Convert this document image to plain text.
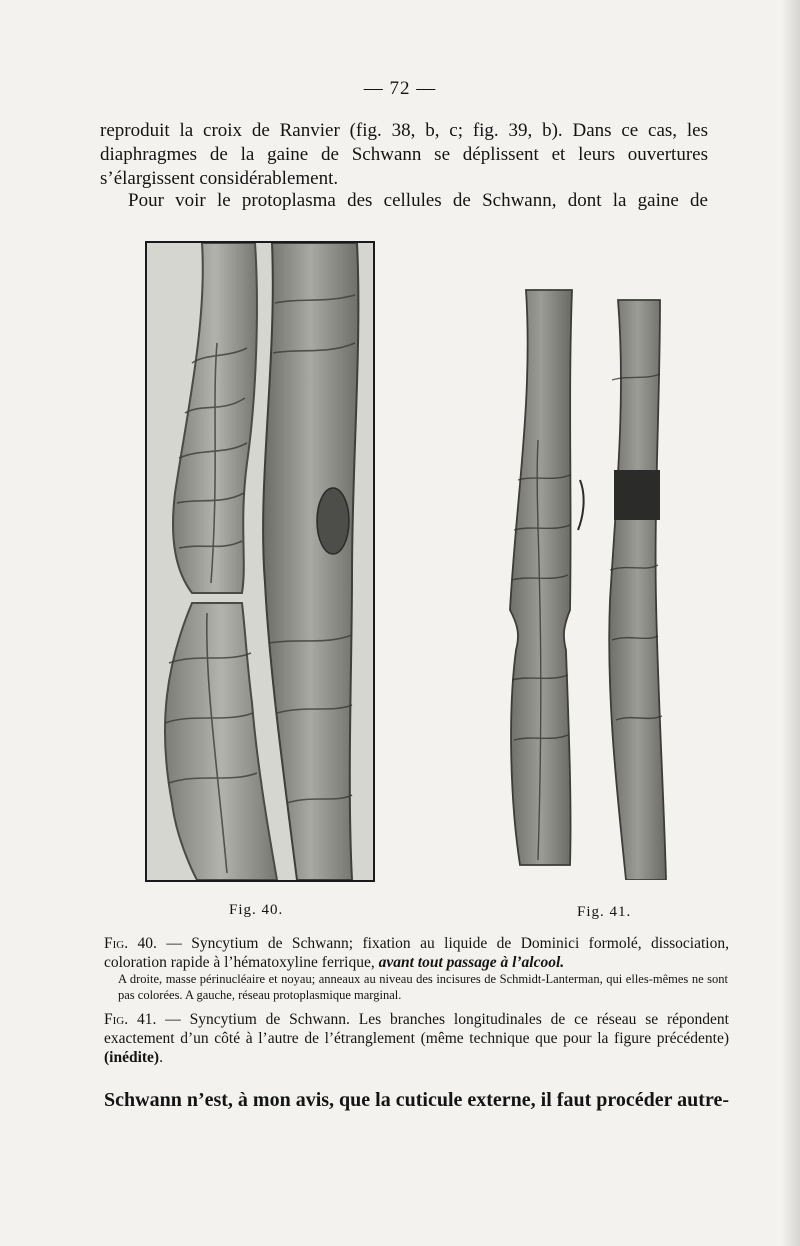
— 72 —
reproduit la croix de Ranvier (fig. 38, b, c; fig. 39, b). Dans ce cas, les
diaphragmes de la gaine de Schwann se déplissent et leurs ouvertures
s’élargissent considérablement.
Pour voir le protoplasma des cellules de Schwann, dont la gaine de
Fig. 40.	Fig. 41.
Fig. 40. — Syncytium de Schwann; fixation au liquide de Dominici formolé, dissociation, coloration rapide à l’hématoxyline ferrique, avant tout passage à l’alcool.
A droite, masse périnucléaire et noyau; anneaux au niveau des incisures de Schmidt-Lanterman, qui elles-mêmes ne sont pas colorées. A gauche, réseau protoplasmique marginal.
Fig. 41. — Syncytium de Schwann. Les branches longitudinales de ce réseau se répondent exactement d’un côté à l’autre de l’étranglement (même technique que pour la figure précédente) (inédite).
Schwann n’est, à mon avis, que la cuticule externe, il faut procéder autre-
